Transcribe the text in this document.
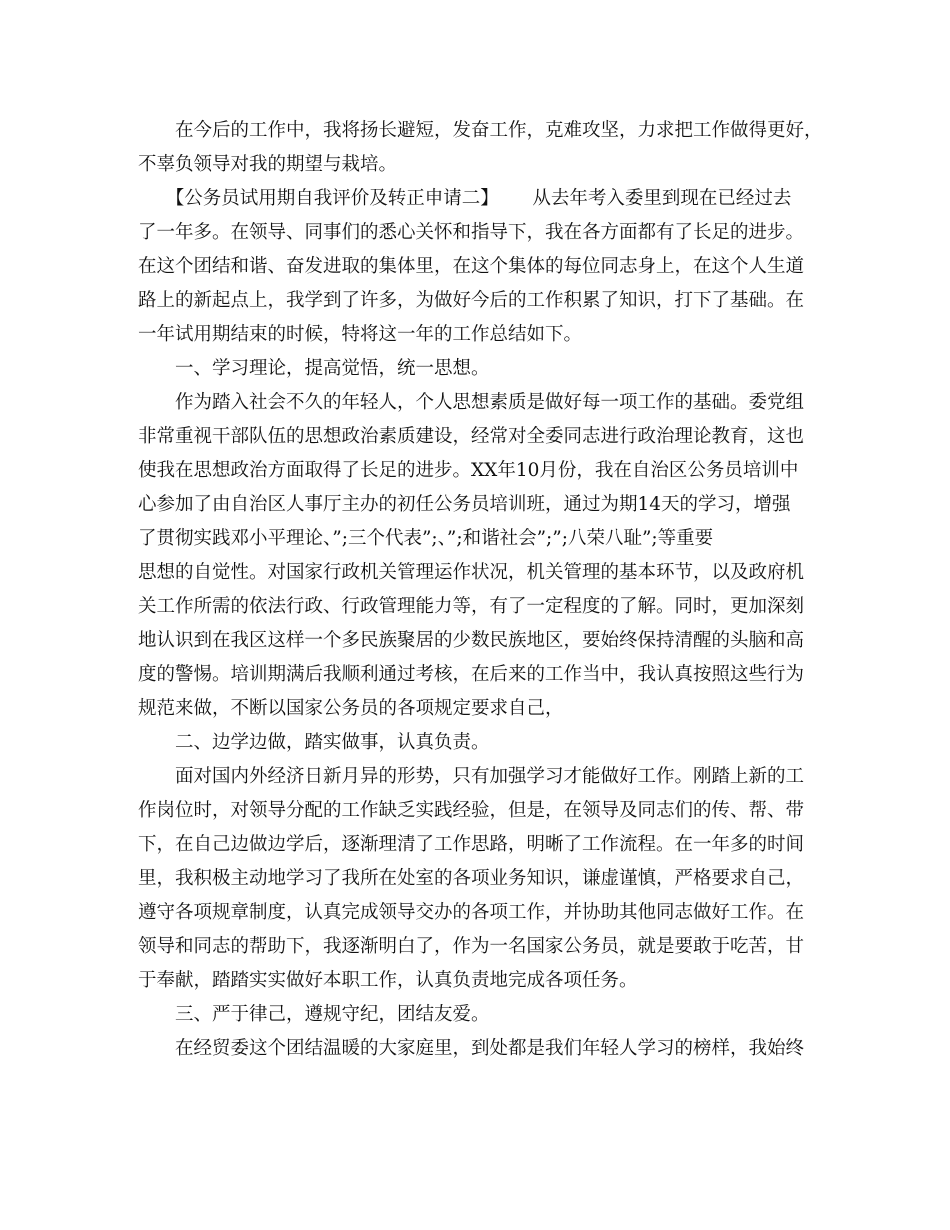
　　在今后的工作中，我将扬长避短，发奋工作，克难攻坚，力求把工作做得更好，
不辜负领导对我的期望与栽培。
　　【公务员试用期自我评价及转正申请二】　　 从去年考入委里到现在已经过去
了一年多。在领导、同事们的悉心关怀和指导下，我在各方面都有了长足的进步。
在这个团结和谐、奋发进取的集体里，在这个集体的每位同志身上，在这个人生道
路上的新起点上，我学到了许多，为做好今后的工作积累了知识，打下了基础。在
一年试用期结束的时候，特将这一年的工作总结如下。
　　一、学习理论，提高觉悟，统一思想。
　　作为踏入社会不久的年轻人，个人思想素质是做好每一项工作的基础。委党组
非常重视干部队伍的思想政治素质建设，经常对全委同志进行政治理论教育，这也
使我在思想政治方面取得了长足的进步。XX年10月份，我在自治区公务员培训中
心参加了由自治区人事厅主办的初任公务员培训班，通过为期14天的学习，增强
了贯彻实践邓小平理论、”;三个代表”;、”;和谐社会”;”;八荣八耻”;等重要
思想的自觉性。对国家行政机关管理运作状况，机关管理的基本环节，以及政府机
关工作所需的依法行政、行政管理能力等，有了一定程度的了解。同时，更加深刻
地认识到在我区这样一个多民族聚居的少数民族地区，要始终保持清醒的头脑和高
度的警惕。培训期满后我顺利通过考核，在后来的工作当中，我认真按照这些行为
规范来做，不断以国家公务员的各项规定要求自己，
　　二、边学边做，踏实做事，认真负责。
　　面对国内外经济日新月异的形势，只有加强学习才能做好工作。刚踏上新的工
作岗位时，对领导分配的工作缺乏实践经验，但是，在领导及同志们的传、帮、带
下，在自己边做边学后，逐渐理清了工作思路，明晰了工作流程。在一年多的时间
里，我积极主动地学习了我所在处室的各项业务知识，谦虚谨慎，严格要求自己，
遵守各项规章制度，认真完成领导交办的各项工作，并协助其他同志做好工作。在
领导和同志的帮助下，我逐渐明白了，作为一名国家公务员，就是要敢于吃苦，甘
于奉献，踏踏实实做好本职工作，认真负责地完成各项任务。
　　三、严于律己，遵规守纪，团结友爱。
　　在经贸委这个团结温暖的大家庭里，到处都是我们年轻人学习的榜样，我始终
